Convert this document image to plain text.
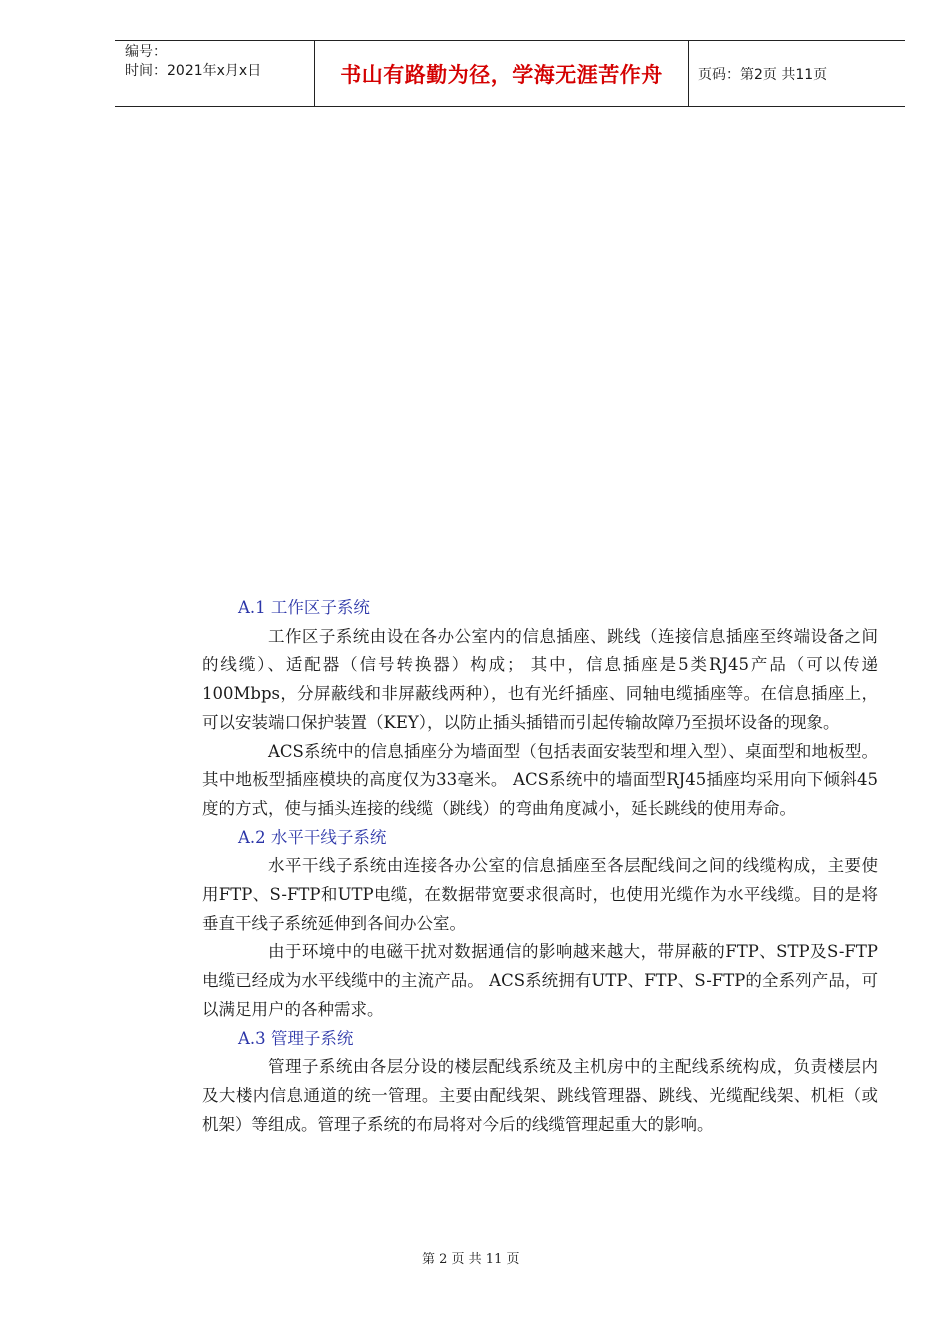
编号：
时间：2021年x月x日	书山有路勤为径，学海无涯苦作舟	页码：第2页 共11页
A.1 工作区子系统
工作区子系统由设在各办公室内的信息插座、跳线（连接信息插座至终端设备之间的线缆）、适配器（信号转换器）构成； 其中，信息插座是5类RJ45产品（可以传递100Mbps，分屏蔽线和非屏蔽线两种），也有光纤插座、同轴电缆插座等。在信息插座上，可以安装端口保护装置（KEY），以防止插头插错而引起传输故障乃至损坏设备的现象。
ACS系统中的信息插座分为墙面型（包括表面安装型和埋入型）、桌面型和地板型。其中地板型插座模块的高度仅为33毫米。 ACS系统中的墙面型RJ45插座均采用向下倾斜45度的方式，使与插头连接的线缆（跳线）的弯曲角度减小，延长跳线的使用寿命。
A.2 水平干线子系统
水平干线子系统由连接各办公室的信息插座至各层配线间之间的线缆构成，主要使用FTP、S-FTP和UTP电缆，在数据带宽要求很高时，也使用光缆作为水平线缆。目的是将垂直干线子系统延伸到各间办公室。
由于环境中的电磁干扰对数据通信的影响越来越大，带屏蔽的FTP、STP及S-FTP电缆已经成为水平线缆中的主流产品。 ACS系统拥有UTP、FTP、S-FTP的全系列产品，可以满足用户的各种需求。
A.3 管理子系统
管理子系统由各层分设的楼层配线系统及主机房中的主配线系统构成，负责楼层内及大楼内信息通道的统一管理。主要由配线架、跳线管理器、跳线、光缆配线架、机柜（或机架）等组成。管理子系统的布局将对今后的线缆管理起重大的影响。
第 2 页 共 11 页
